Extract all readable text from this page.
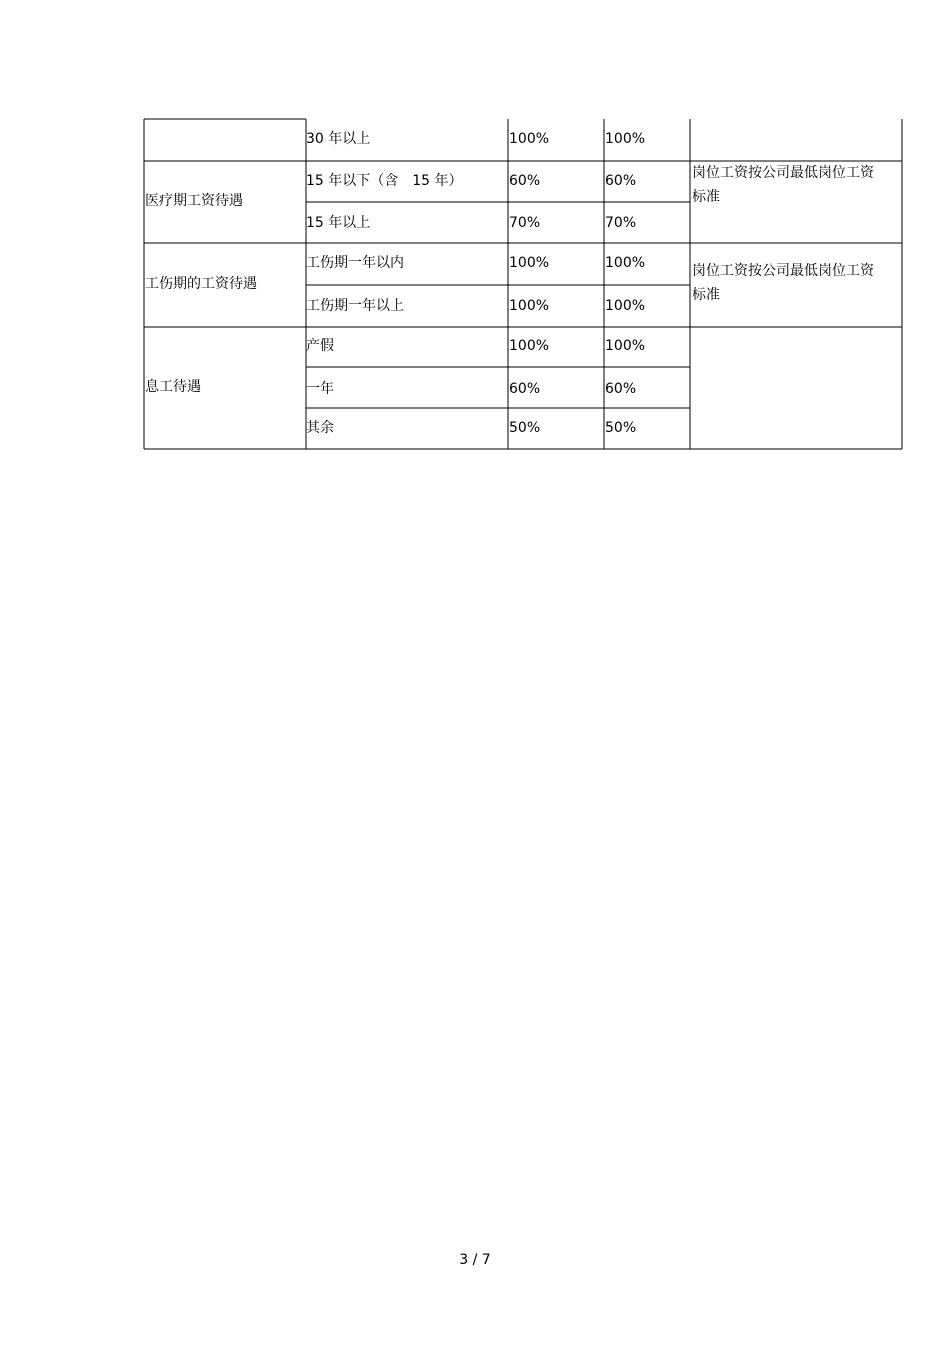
30 年以上	100%	100%
医疗期工资待遇
15 年以下（含　15 年）	60%	60%	岗位工资按公司最低岗位工资标准
15 年以上	70%	70%
工伤期的工资待遇
工伤期一年以内	100%	100%	岗位工资按公司最低岗位工资标准
工伤期一年以上	100%	100%
息工待遇
产假	100%	100%
一年	60%	60%
其余	50%	50%
3 / 7
